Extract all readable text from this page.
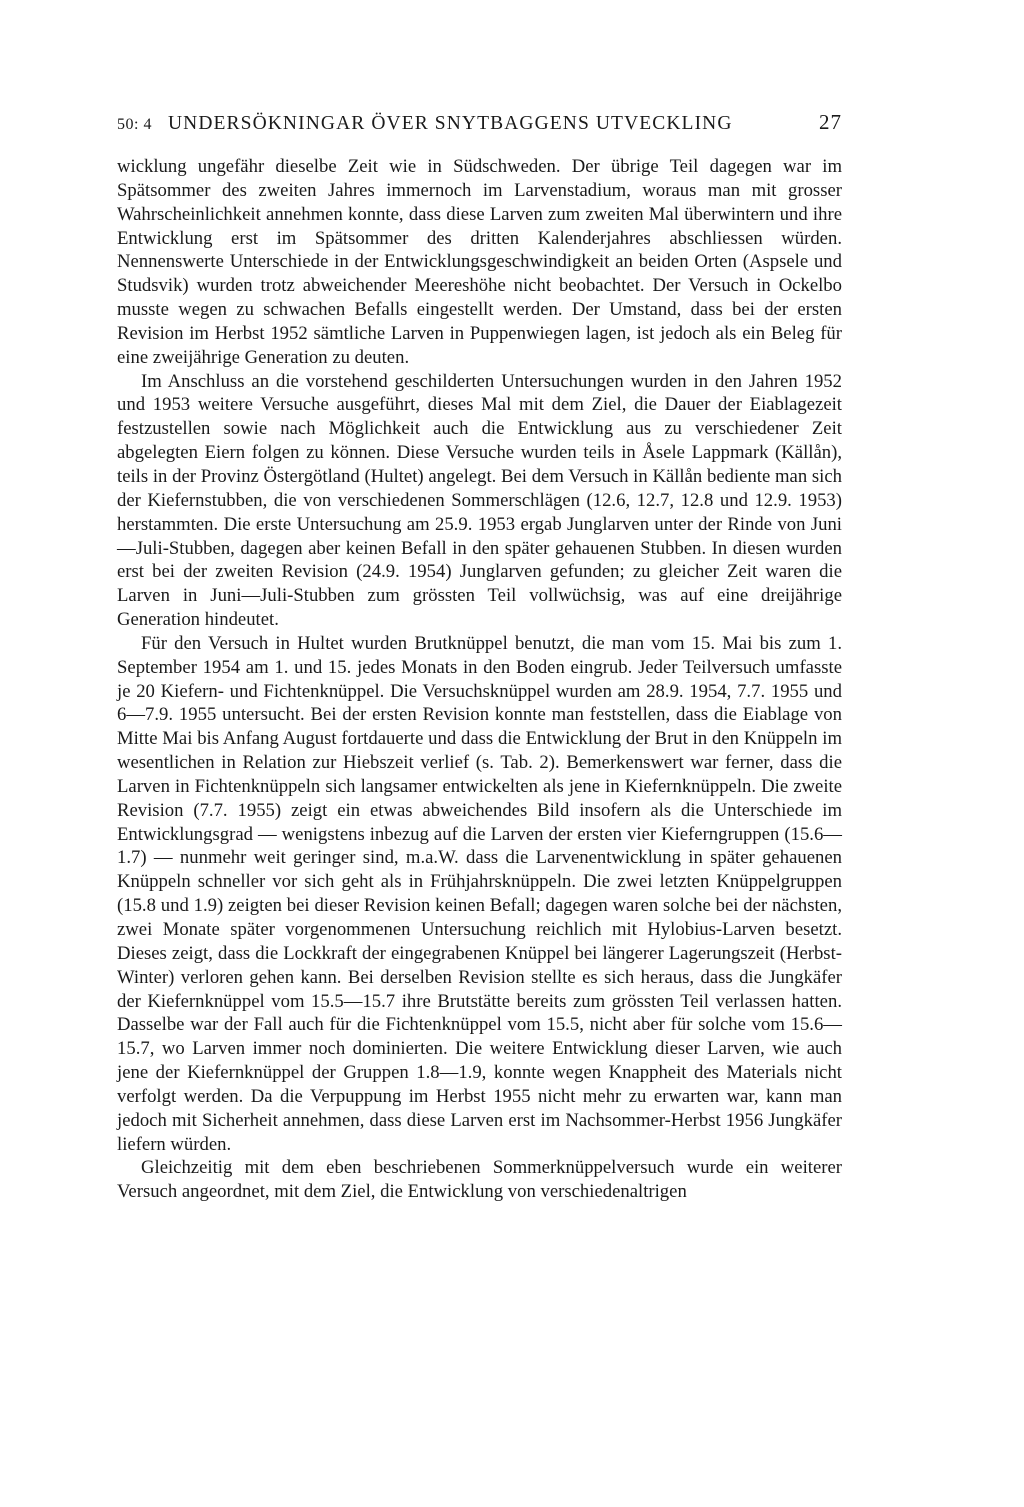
50: 4 UNDERSÖKNINGAR ÖVER SNYTBAGGENS UTVECKLING	27

wicklung ungefähr dieselbe Zeit wie in Südschweden. Der übrige Teil dagegen war im Spätsommer des zweiten Jahres immernoch im Larvenstadium, woraus man mit grosser Wahrscheinlichkeit annehmen konnte, dass diese Larven zum zweiten Mal überwintern und ihre Entwicklung erst im Spätsommer des dritten Kalenderjahres abschliessen würden. Nennenswerte Unterschiede in der Entwicklungsgeschwindigkeit an beiden Orten (Aspsele und Studsvik) wurden trotz abweichender Meereshöhe nicht beobachtet. Der Versuch in Ockelbo musste wegen zu schwachen Befalls eingestellt werden. Der Umstand, dass bei der ersten Revision im Herbst 1952 sämtliche Larven in Puppenwiegen lagen, ist jedoch als ein Beleg für eine zweijährige Generation zu deuten.

Im Anschluss an die vorstehend geschilderten Untersuchungen wurden in den Jahren 1952 und 1953 weitere Versuche ausgeführt, dieses Mal mit dem Ziel, die Dauer der Eiablagezeit festzustellen sowie nach Möglichkeit auch die Entwicklung aus zu verschiedener Zeit abgelegten Eiern folgen zu können. Diese Versuche wurden teils in Åsele Lappmark (Källån), teils in der Provinz Östergötland (Hultet) angelegt. Bei dem Versuch in Källån bediente man sich der Kiefernstubben, die von verschiedenen Sommerschlägen (12.6, 12.7, 12.8 und 12.9. 1953) herstammten. Die erste Untersuchung am 25.9. 1953 ergab Junglarven unter der Rinde von Juni—Juli-Stubben, dagegen aber keinen Befall in den später gehauenen Stubben. In diesen wurden erst bei der zweiten Revision (24.9. 1954) Junglarven gefunden; zu gleicher Zeit waren die Larven in Juni—Juli-Stubben zum grössten Teil vollwüchsig, was auf eine dreijährige Generation hindeutet.

Für den Versuch in Hultet wurden Brutknüppel benutzt, die man vom 15. Mai bis zum 1. September 1954 am 1. und 15. jedes Monats in den Boden eingrub. Jeder Teilversuch umfasste je 20 Kiefern- und Fichtenknüppel. Die Versuchsknüppel wurden am 28.9. 1954, 7.7. 1955 und 6—7.9. 1955 untersucht. Bei der ersten Revision konnte man feststellen, dass die Eiablage von Mitte Mai bis Anfang August fortdauerte und dass die Entwicklung der Brut in den Knüppeln im wesentlichen in Relation zur Hiebszeit verlief (s. Tab. 2). Bemerkenswert war ferner, dass die Larven in Fichtenknüppeln sich langsamer entwickelten als jene in Kiefernknüppeln. Die zweite Revision (7.7. 1955) zeigt ein etwas abweichendes Bild insofern als die Unterschiede im Entwicklungsgrad — wenigstens inbezug auf die Larven der ersten vier Kieferngruppen (15.6—1.7) — nunmehr weit geringer sind, m.a.W. dass die Larvenentwicklung in später gehauenen Knüppeln schneller vor sich geht als in Frühjahrsknüppeln. Die zwei letzten Knüppelgruppen (15.8 und 1.9) zeigten bei dieser Revision keinen Befall; dagegen waren solche bei der nächsten, zwei Monate später vorgenommenen Untersuchung reichlich mit Hylobius-Larven besetzt. Dieses zeigt, dass die Lockkraft der eingegrabenen Knüppel bei längerer Lagerungszeit (Herbst-Winter) verloren gehen kann. Bei derselben Revision stellte es sich heraus, dass die Jungkäfer der Kiefernknüppel vom 15.5—15.7 ihre Brutstätte bereits zum grössten Teil verlassen hatten. Dasselbe war der Fall auch für die Fichtenknüppel vom 15.5, nicht aber für solche vom 15.6—15.7, wo Larven immer noch dominierten. Die weitere Entwicklung dieser Larven, wie auch jene der Kiefernknüppel der Gruppen 1.8—1.9, konnte wegen Knappheit des Materials nicht verfolgt werden. Da die Verpuppung im Herbst 1955 nicht mehr zu erwarten war, kann man jedoch mit Sicherheit annehmen, dass diese Larven erst im Nachsommer-Herbst 1956 Jungkäfer liefern würden.

Gleichzeitig mit dem eben beschriebenen Sommerknüppelversuch wurde ein weiterer Versuch angeordnet, mit dem Ziel, die Entwicklung von verschiedenaltrigen
